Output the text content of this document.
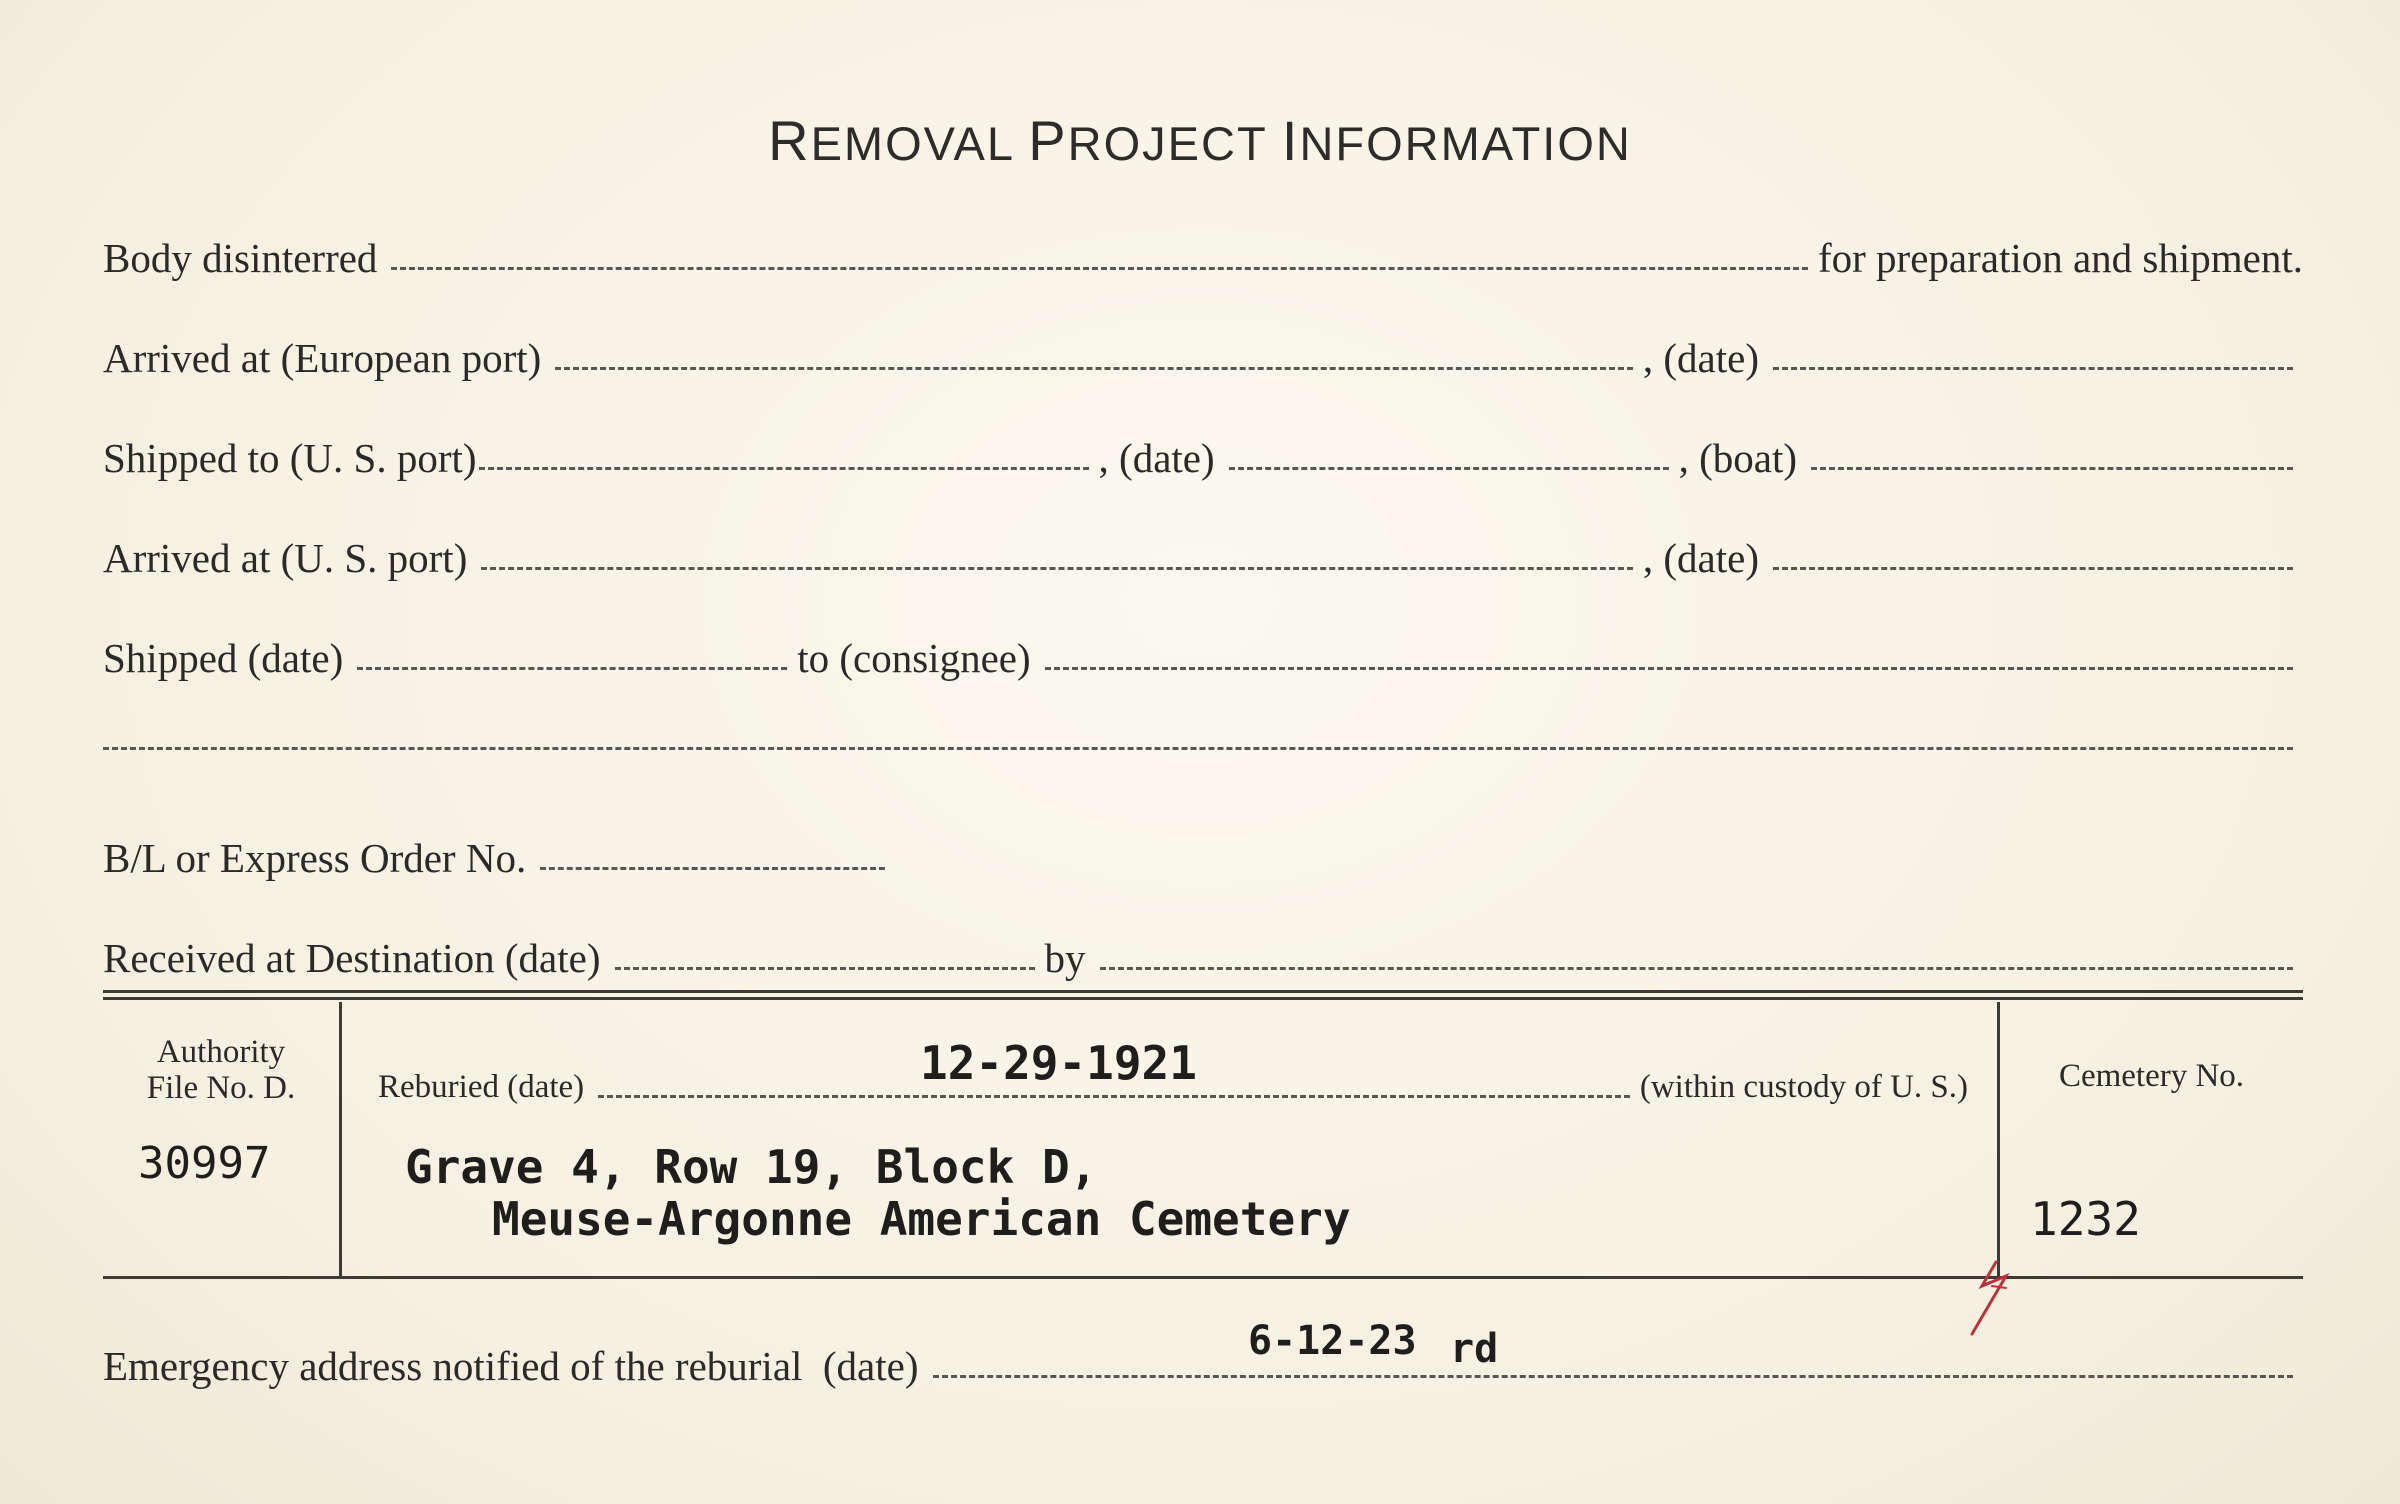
REMOVAL PROJECT INFORMATION
Body disinterred	for preparation and shipment.
Arrived at (European port)	, (date)
Shipped to (U. S. port)	, (date)	, (boat)
Arrived at (U. S. port)	, (date)
Shipped (date)	to (consignee)
B/L or Express Order No.
Received at Destination (date)	by
Authority
File No. D.
30997
Reburied (date)	(within custody of U. S.)
12-29-1921
Grave 4, Row 19, Block D,
Meuse-Argonne American Cemetery
Cemetery No.
1232
Emergency address notified of the reburial  (date)
6-12-23 rd
